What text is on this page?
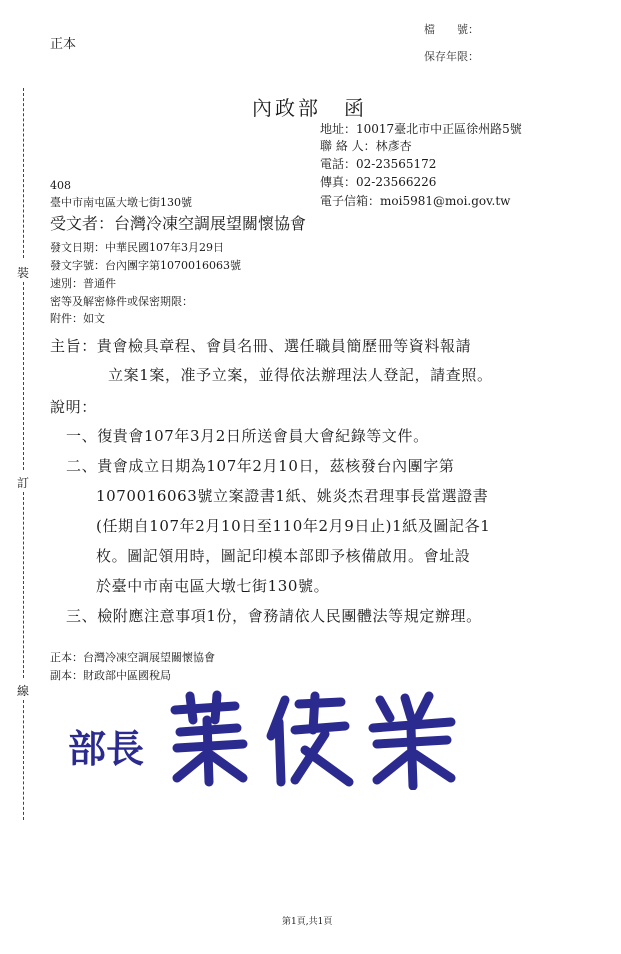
裝
訂
線
正本
檔　　號：
保存年限：
內政部　函
地址：10017臺北市中正區徐州路5號
聯 絡 人：林彥杏
電話：02-23565172
傳真：02-23566226
電子信箱：moi5981@moi.gov.tw
408
臺中市南屯區大墩七街130號
受文者：台灣冷凍空調展望關懷協會
發文日期：中華民國107年3月29日
發文字號：台內團字第1070016063號
速別：普通件
密等及解密條件或保密期限：
附件：如文
主旨：貴會檢具章程、會員名冊、選任職員簡歷冊等資料報請
立案1案，准予立案，並得依法辦理法人登記，請查照。
說明：
一、復貴會107年3月2日所送會員大會紀錄等文件。
二、貴會成立日期為107年2月10日，茲核發台內團字第
1070016063號立案證書1紙、姚炎杰君理事長當選證書
(任期自107年2月10日至110年2月9日止)1紙及圖記各1
枚。圖記領用時，圖記印模本部即予核備啟用。會址設
於臺中市南屯區大墩七街130號。
三、檢附應注意事項1份，會務請依人民團體法等規定辦理。
正本：台灣冷凍空調展望關懷協會
副本：財政部中區國稅局
部長
第1頁,共1頁
